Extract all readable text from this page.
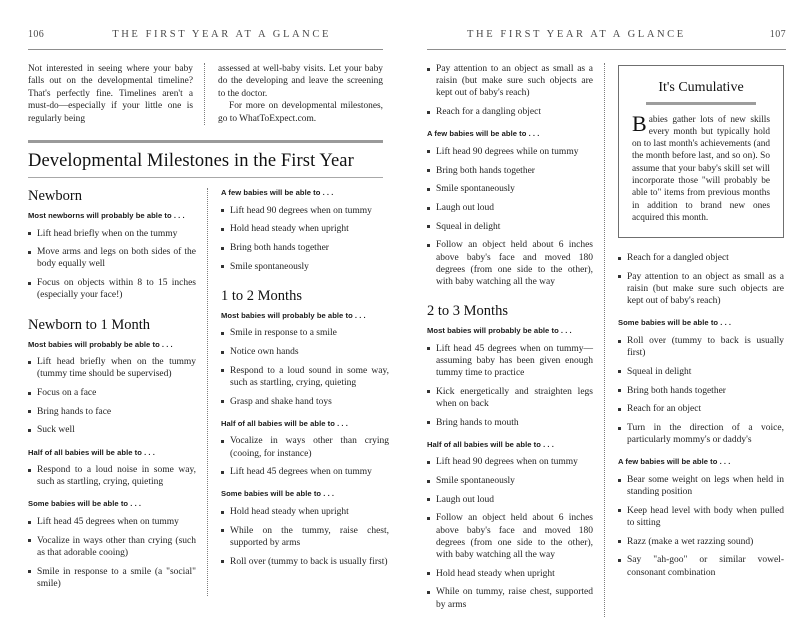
106	THE FIRST YEAR AT A GLANCE

Not interested in seeing where your baby falls out on the developmental timeline? That's perfectly fine. Timelines aren't a must-do—especially if your little one is regularly being

assessed at well-baby visits. Let your baby do the developing and leave the screening to the doctor.

For more on developmental milestones, go to WhatToExpect.com.

Developmental Milestones in the First Year
Newborn
Most newborns will probably be able to . . .
Lift head briefly when on the tummy
Move arms and legs on both sides of the body equally well
Focus on objects within 8 to 15 inches (especially your face!)
Newborn to 1 Month
Most babies will probably be able to . . .
Lift head briefly when on the tummy (tummy time should be supervised)
Focus on a face
Bring hands to face
Suck well
Half of all babies will be able to . . .
Respond to a loud noise in some way, such as startling, crying, quieting
Some babies will be able to . . .
Lift head 45 degrees when on tummy
Vocalize in ways other than crying (such as that adorable cooing)
Smile in response to a smile (a "social" smile)
A few babies will be able to . . .
Lift head 90 degrees when on tummy
Hold head steady when upright
Bring both hands together
Smile spontaneously
1 to 2 Months
Most babies will probably be able to . . .
Smile in response to a smile
Notice own hands
Respond to a loud sound in some way, such as startling, crying, quieting
Grasp and shake hand toys
Half of all babies will be able to . . .
Vocalize in ways other than crying (cooing, for instance)
Lift head 45 degrees when on tummy
Some babies will be able to . . .
Hold head steady when upright
While on the tummy, raise chest, supported by arms
Roll over (tummy to back is usually first)
THE FIRST YEAR AT A GLANCE	107
Pay attention to an object as small as a raisin (but make sure such objects are kept out of baby's reach)
Reach for a dangling object
A few babies will be able to . . .
Lift head 90 degrees while on tummy
Bring both hands together
Smile spontaneously
Laugh out loud
Squeal in delight
Follow an object held about 6 inches above baby's face and moved 180 degrees (from one side to the other), with baby watching all the way
2 to 3 Months
Most babies will probably be able to . . .
Lift head 45 degrees when on tummy—assuming baby has been given enough tummy time to practice
Kick energetically and straighten legs when on back
Bring hands to mouth
Half of all babies will be able to . . .
Lift head 90 degrees when on tummy
Smile spontaneously
Laugh out loud
Follow an object held about 6 inches above baby's face and moved 180 degrees (from one side to the other), with baby watching all the way
Hold head steady when upright
While on tummy, raise chest, supported by arms
It's Cumulative

Babies gather lots of new skills every month but typically hold on to last month's achievements (and the month before last, and so on). So assume that your baby's skill set will incorporate those "will probably be able to" items from previous months in addition to brand new ones acquired this month.

Reach for a dangled object
Pay attention to an object as small as a raisin (but make sure such objects are kept out of baby's reach)
Some babies will be able to . . .
Roll over (tummy to back is usually first)
Squeal in delight
Bring both hands together
Reach for an object
Turn in the direction of a voice, particularly mommy's or daddy's
A few babies will be able to . . .
Bear some weight on legs when held in standing position
Keep head level with body when pulled to sitting
Razz (make a wet razzing sound)
Say "ah-goo" or similar vowel-consonant combination
